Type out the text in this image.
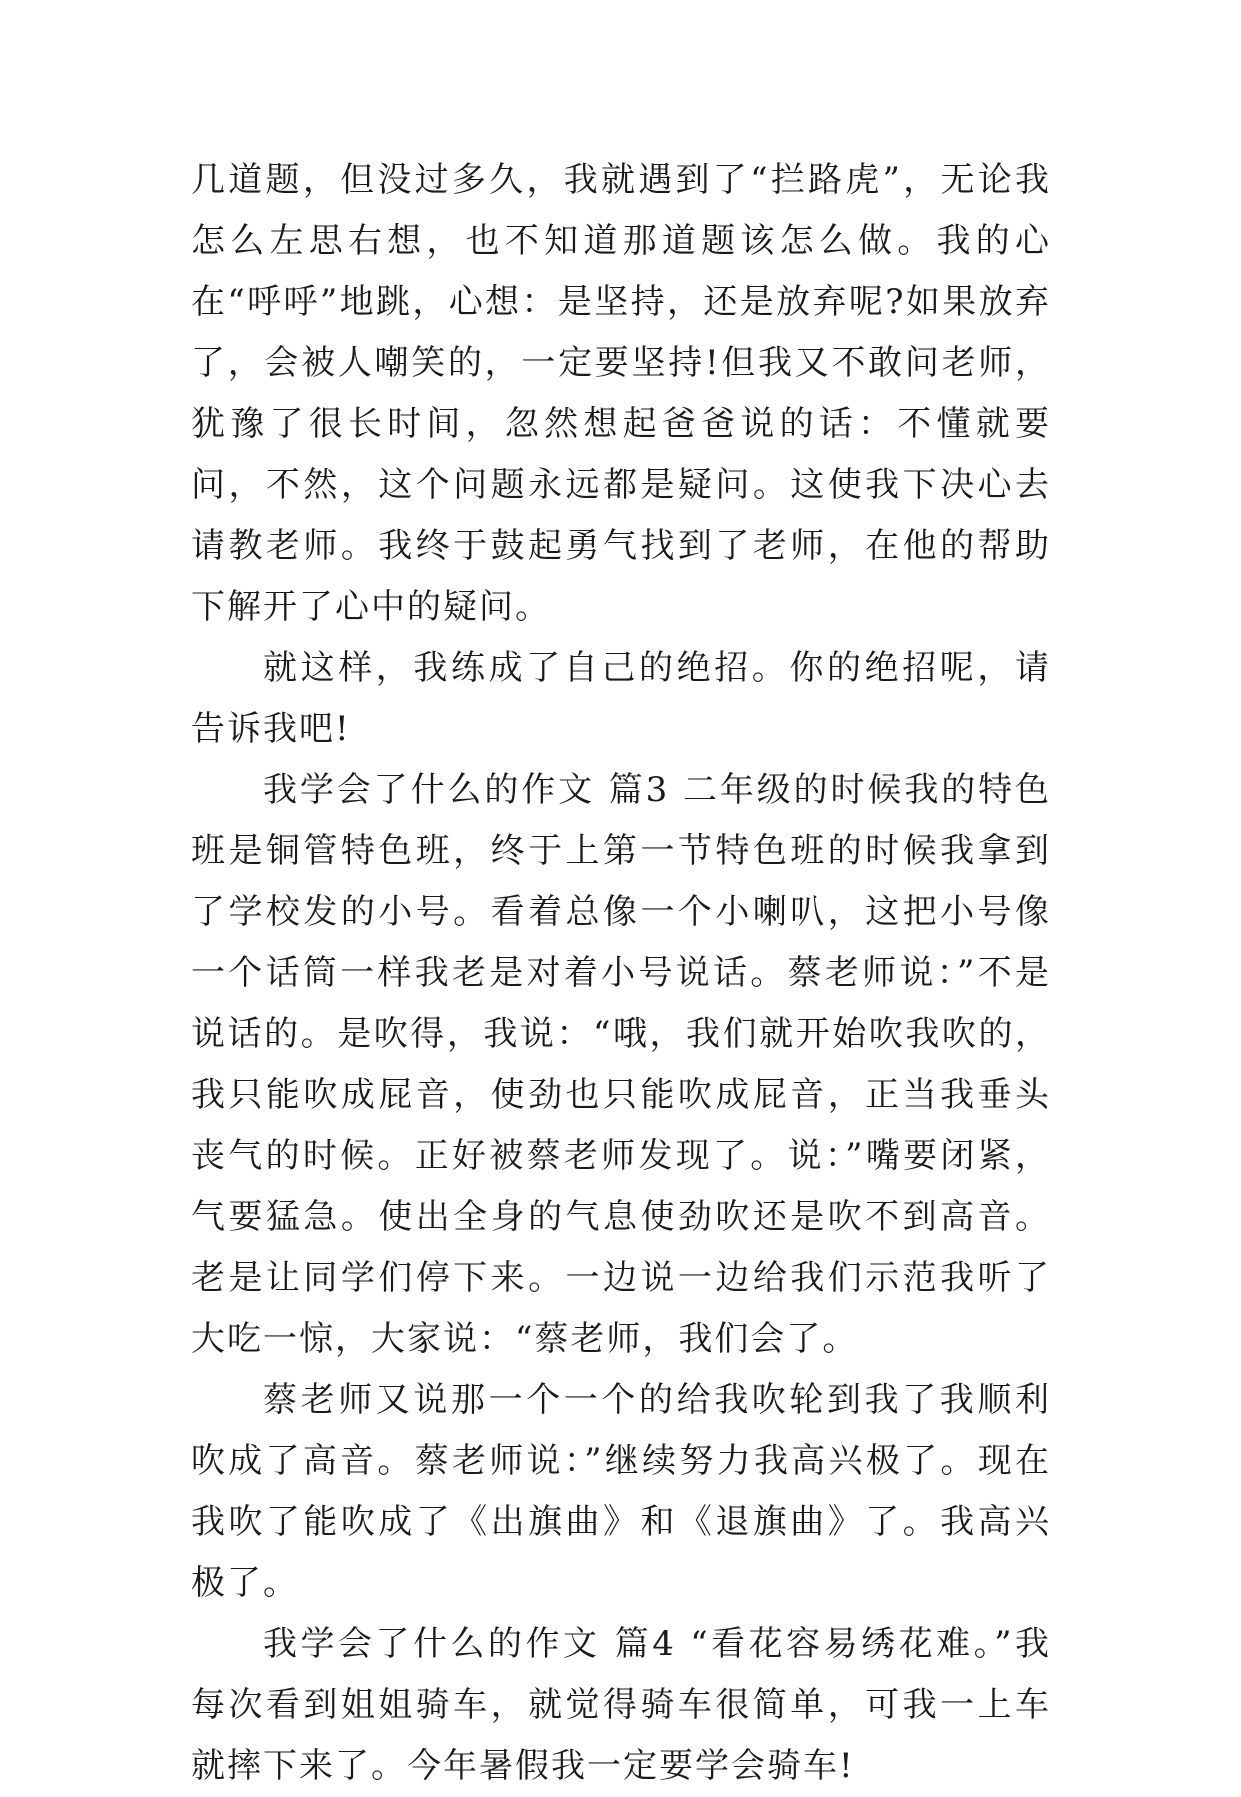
几道题，但没过多久，我就遇到了“拦路虎”，无论我怎么左思右想，也不知道那道题该怎么做。我的心在“呼呼”地跳，心想：是坚持，还是放弃呢?如果放弃了，会被人嘲笑的，一定要坚持!但我又不敢问老师，犹豫了很长时间，忽然想起爸爸说的话：不懂就要问，不然，这个问题永远都是疑问。这使我下决心去请教老师。我终于鼓起勇气找到了老师，在他的帮助下解开了心中的疑问。

就这样，我练成了自己的绝招。你的绝招呢，请告诉我吧!

我学会了什么的作文 篇3 二年级的时候我的特色班是铜管特色班，终于上第一节特色班的时候我拿到了学校发的小号。看着总像一个小喇叭，这把小号像一个话筒一样我老是对着小号说话。蔡老师说：”不是说话的。是吹得，我说：“哦，我们就开始吹我吹的，我只能吹成屁音，使劲也只能吹成屁音，正当我垂头丧气的时候。正好被蔡老师发现了。说：”嘴要闭紧，气要猛急。使出全身的气息使劲吹还是吹不到高音。老是让同学们停下来。一边说一边给我们示范我听了大吃一惊，大家说：“蔡老师，我们会了。

蔡老师又说那一个一个的给我吹轮到我了我顺利吹成了高音。蔡老师说：”继续努力我高兴极了。现在我吹了能吹成了《出旗曲》和《退旗曲》了。我高兴极了。

我学会了什么的作文 篇4 “看花容易绣花难。”我每次看到姐姐骑车，就觉得骑车很简单，可我一上车就摔下来了。今年暑假我一定要学会骑车!
